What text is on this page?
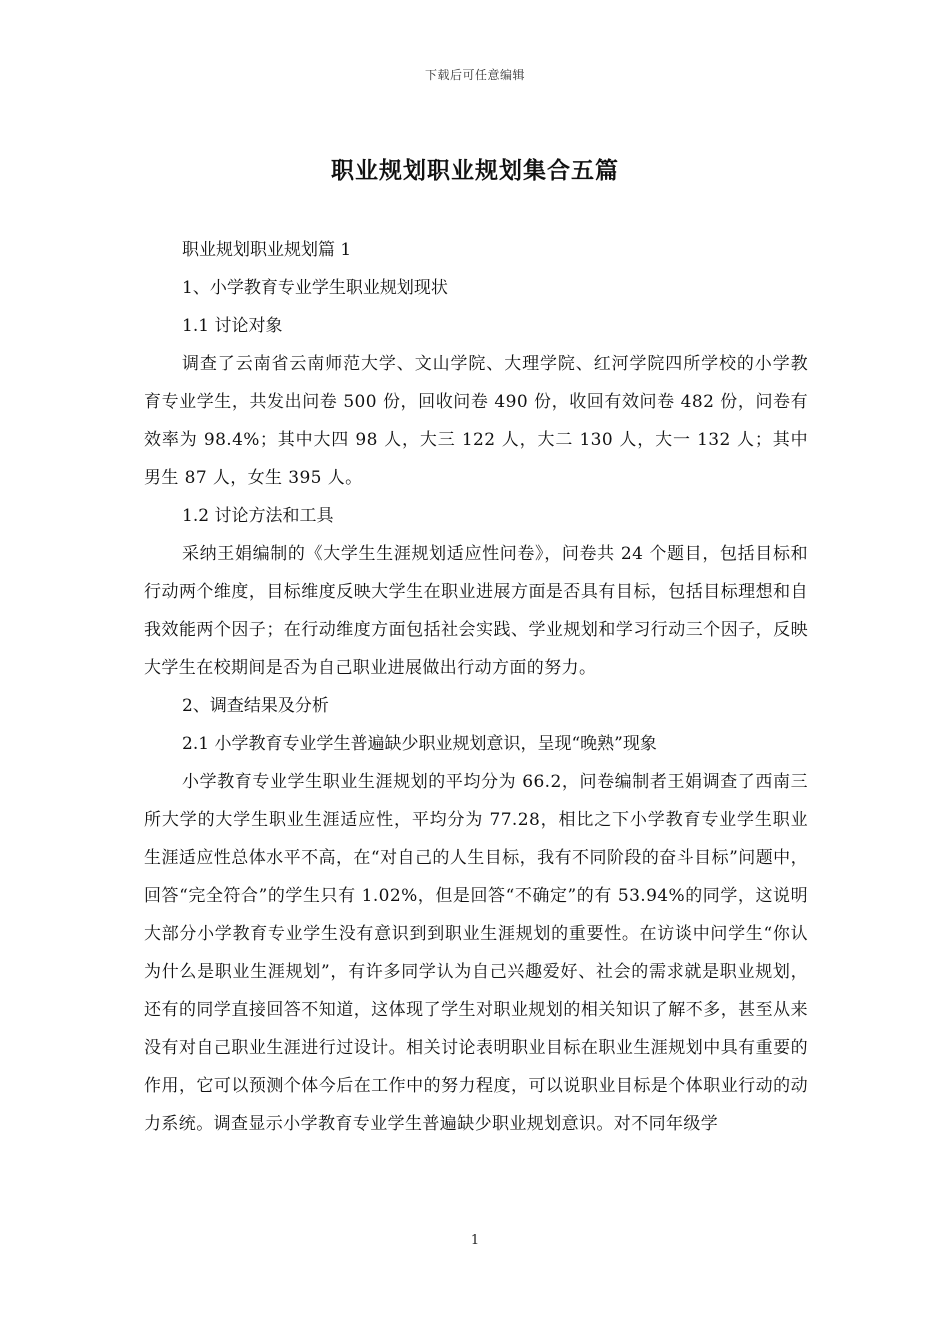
下载后可任意编辑
职业规划职业规划集合五篇

职业规划职业规划篇 1

1、小学教育专业学生职业规划现状

1.1 讨论对象

调查了云南省云南师范大学、文山学院、大理学院、红河学院四所学校的小学教育专业学生，共发出问卷 500 份，回收问卷 490 份，收回有效问卷 482 份，问卷有效率为 98.4%；其中大四 98 人，大三 122 人，大二 130 人，大一 132 人；其中男生 87 人，女生 395 人。

1.2 讨论方法和工具

采纳王娟编制的《大学生生涯规划适应性问卷》，问卷共 24 个题目，包括目标和行动两个维度，目标维度反映大学生在职业进展方面是否具有目标，包括目标理想和自我效能两个因子；在行动维度方面包括社会实践、学业规划和学习行动三个因子，反映大学生在校期间是否为自己职业进展做出行动方面的努力。

2、调查结果及分析

2.1 小学教育专业学生普遍缺少职业规划意识，呈现“晚熟”现象

小学教育专业学生职业生涯规划的平均分为 66.2，问卷编制者王娟调查了西南三所大学的大学生职业生涯适应性，平均分为 77.28，相比之下小学教育专业学生职业生涯适应性总体水平不高，在“对自己的人生目标，我有不同阶段的奋斗目标”问题中，回答“完全符合”的学生只有 1.02%，但是回答“不确定”的有 53.94%的同学，这说明大部分小学教育专业学生没有意识到到职业生涯规划的重要性。在访谈中问学生“你认为什么是职业生涯规划”，有许多同学认为自己兴趣爱好、社会的需求就是职业规划，还有的同学直接回答不知道，这体现了学生对职业规划的相关知识了解不多，甚至从来没有对自己职业生涯进行过设计。相关讨论表明职业目标在职业生涯规划中具有重要的作用，它可以预测个体今后在工作中的努力程度，可以说职业目标是个体职业行动的动力系统。调查显示小学教育专业学生普遍缺少职业规划意识。对不同年级学

1
